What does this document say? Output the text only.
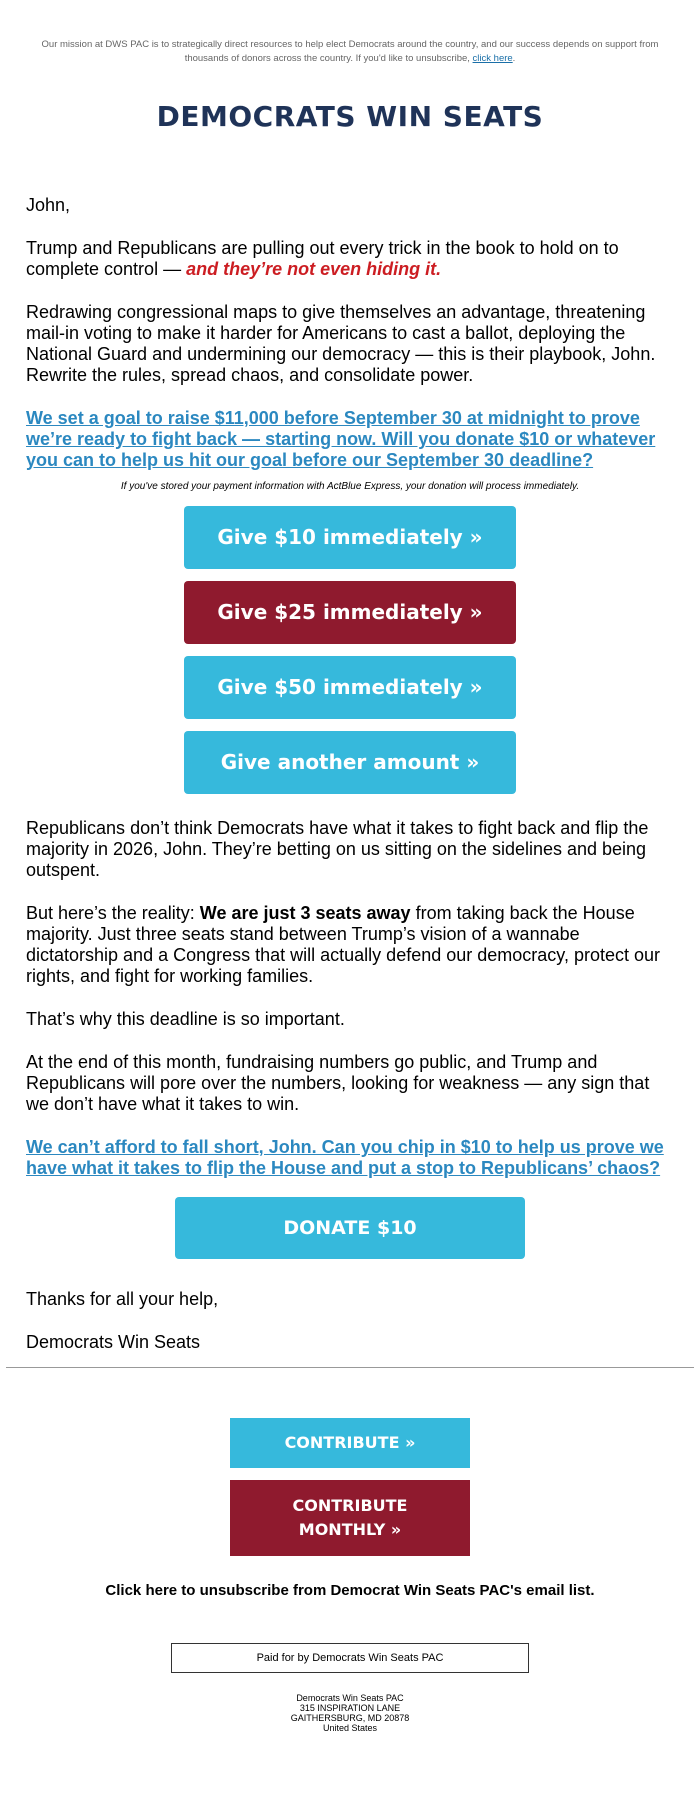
Our mission at DWS PAC is to strategically direct resources to help elect Democrats around the country, and our success depends on support from thousands of donors across the country. If you'd like to unsubscribe, click here.
DEMOCRATS WIN SEATS

John,

Trump and Republicans are pulling out every trick in the book to hold on to complete control — and they’re not even hiding it.

Redrawing congressional maps to give themselves an advantage, threatening mail-in voting to make it harder for Americans to cast a ballot, deploying the National Guard and undermining our democracy — this is their playbook, John. Rewrite the rules, spread chaos, and consolidate power.

We set a goal to raise $11,000 before September 30 at midnight to prove we’re ready to fight back — starting now. Will you donate $10 or whatever you can to help us hit our goal before our September 30 deadline?

If you've stored your payment information with ActBlue Express, your donation will process immediately.
Give $10 immediately »
Give $25 immediately »
Give $50 immediately »
Give another amount »

Republicans don’t think Democrats have what it takes to fight back and flip the majority in 2026, John. They’re betting on us sitting on the sidelines and being outspent.

But here’s the reality: We are just 3 seats away from taking back the House majority. Just three seats stand between Trump’s vision of a wannabe dictatorship and a Congress that will actually defend our democracy, protect our rights, and fight for working families.

That’s why this deadline is so important.

At the end of this month, fundraising numbers go public, and Trump and Republicans will pore over the numbers, looking for weakness — any sign that we don’t have what it takes to win.

We can’t afford to fall short, John. Can you chip in $10 to help us prove we have what it takes to flip the House and put a stop to Republicans’ chaos?

DONATE $10

Thanks for all your help,

Democrats Win Seats

CONTRIBUTE »
CONTRIBUTE MONTHLY »
Click here to unsubscribe from Democrat Win Seats PAC's email list.
Paid for by Democrats Win Seats PAC
Democrats Win Seats PAC
315 INSPIRATION LANE
GAITHERSBURG, MD 20878
United States
